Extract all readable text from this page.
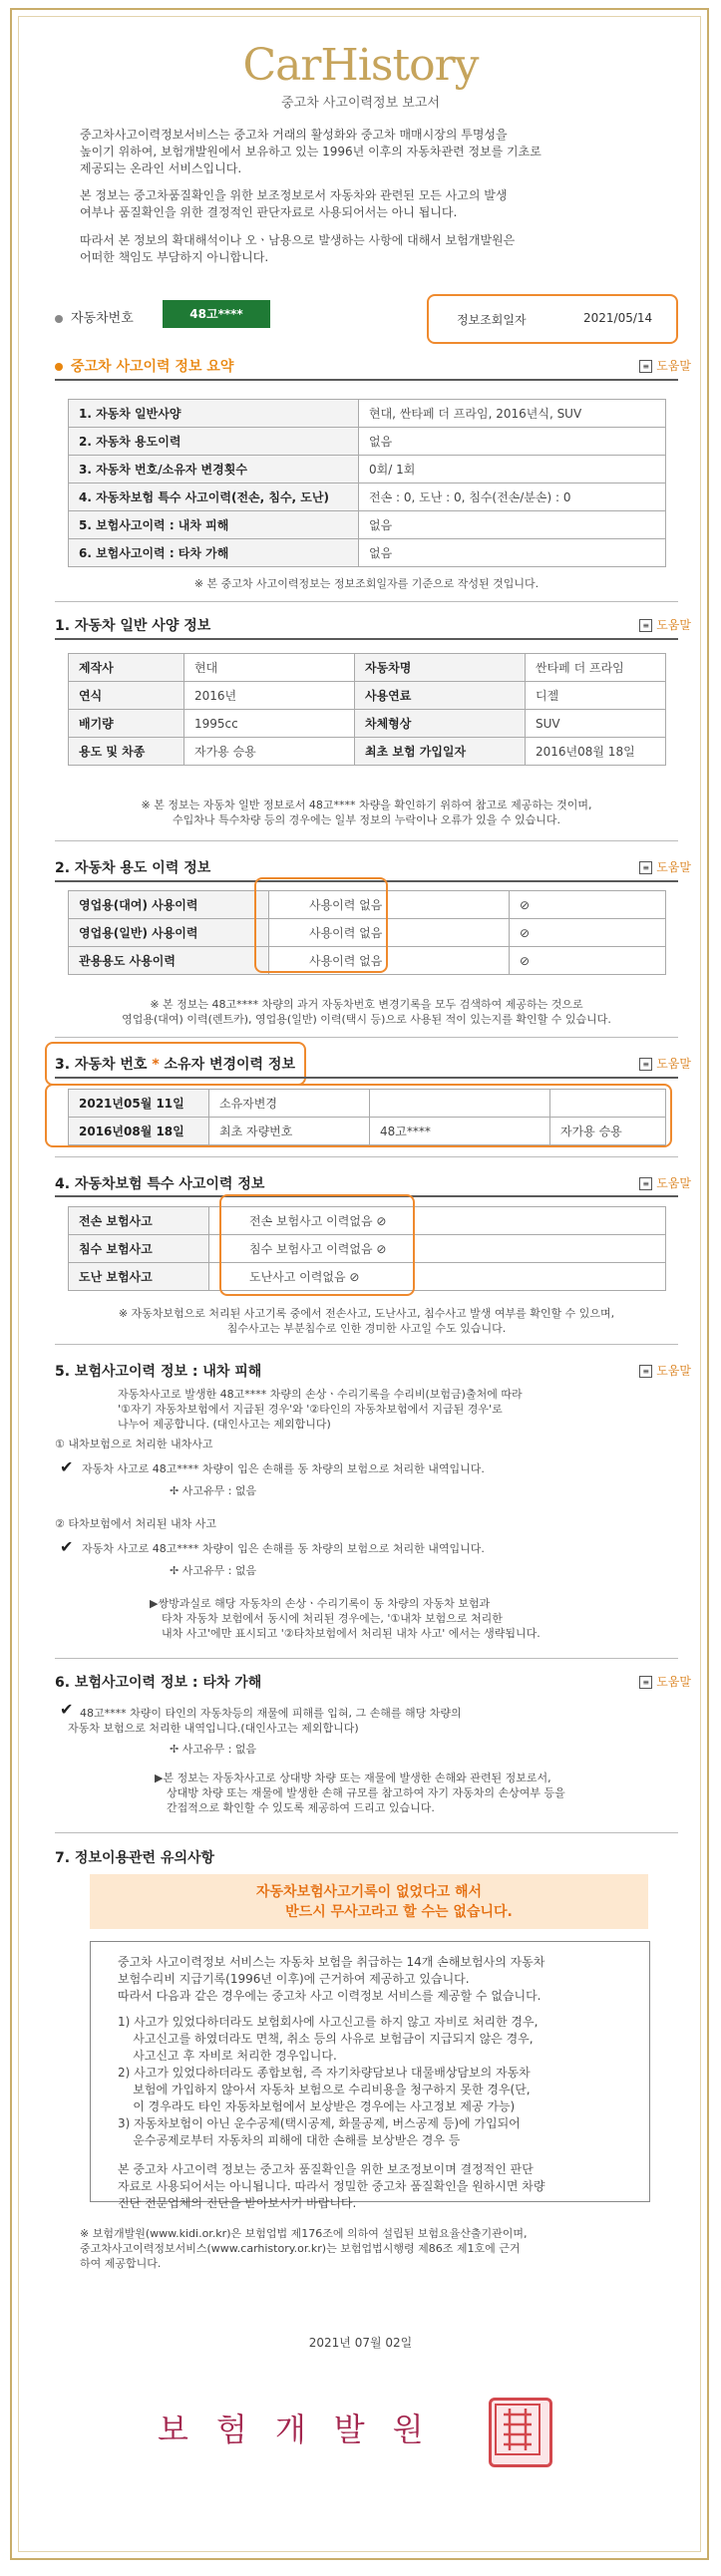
CarHistory
중고차 사고이력정보 보고서
중고차사고이력정보서비스는 중고차 거래의 활성화와 중고차 매매시장의 투명성을
높이기 위하여, 보험개발원에서 보유하고 있는 1996년 이후의 자동차관련 정보를 기초로
제공되는 온라인 서비스입니다.
본 정보는 중고차품질확인을 위한 보조정보로서 자동차와 관련된 모든 사고의 발생
여부나 품질확인을 위한 결정적인 판단자료로 사용되어서는 아니 됩니다.
따라서 본 정보의 확대해석이나 오ㆍ남용으로 발생하는 사항에 대해서 보험개발원은
어떠한 책임도 부담하지 아니합니다.
자동차번호	48고****	정보조회일자	2021/05/14
중고차 사고이력 정보 요약	≡ 도움말
1. 자동차 일반사양	현대, 싼타페 더 프라임, 2016년식, SUV
2. 자동차 용도이력	없음
3. 자동차 번호/소유자 변경횟수	0회/ 1회
4. 자동차보험 특수 사고이력(전손, 침수, 도난)	전손 : 0, 도난 : 0, 침수(전손/분손) : 0
5. 보험사고이력 : 내차 피해	없음
6. 보험사고이력 : 타차 가해	없음
※ 본 중고차 사고이력정보는 정보조회일자를 기준으로 작성된 것입니다.
1. 자동차 일반 사양 정보	≡ 도움말
제작사	현대	자동차명	싼타페 더 프라임
연식	2016년	사용연료	디젤
배기량	1995cc	차체형상	SUV
용도 및 차종	자가용 승용	최초 보험 가입일자	2016년08월 18일
※ 본 정보는 자동차 일반 정보로서 48고**** 차량을 확인하기 위하여 참고로 제공하는 것이며,
수입차나 특수차량 등의 경우에는 일부 정보의 누락이나 오류가 있을 수 있습니다.
2. 자동차 용도 이력 정보	≡ 도움말
영업용(대여) 사용이력	사용이력 없음	⊘
영업용(일반) 사용이력	사용이력 없음	⊘
관용용도 사용이력	사용이력 없음	⊘
※ 본 정보는 48고**** 차량의 과거 자동차번호 변경기록을 모두 검색하여 제공하는 것으로
영업용(대여) 이력(렌트카), 영업용(일반) 이력(택시 등)으로 사용된 적이 있는지를 확인할 수 있습니다.
3. 자동차 번호 * 소유자 변경이력 정보	≡ 도움말
2021년05월 11일	소유자변경		
2016년08월 18일	최초 자량번호	48고****	자가용 승용
4. 자동차보험 특수 사고이력 정보	≡ 도움말
전손 보험사고	전손 보험사고 이력없음 ⊘
침수 보험사고	침수 보험사고 이력없음 ⊘
도난 보험사고	도난사고 이력없음 ⊘
※ 자동차보험으로 처리된 사고기록 중에서 전손사고, 도난사고, 침수사고 발생 여부를 확인할 수 있으며,
침수사고는 부분침수로 인한 경미한 사고일 수도 있습니다.
5. 보험사고이력 정보 : 내차 피해	≡ 도움말
자동차사고로 발생한 48고**** 차량의 손상ㆍ수리기록을 수리비(보험금)출처에 따라
'①자기 자동차보험에서 지급된 경우'와 '②타인의 자동차보험에서 지급된 경우'로
나누어 제공합니다. (대인사고는 제외합니다)
① 내차보험으로 처리한 내차사고
✔ 자동차 사고로 48고**** 차량이 입은 손해를 동 차량의 보험으로 처리한 내역입니다.
✢ 사고유무 : 없음
② 타차보험에서 처리된 내차 사고
✔ 자동차 사고로 48고**** 차량이 입은 손해를 동 차량의 보험으로 처리한 내역입니다.
✢ 사고유무 : 없음
▶쌍방과실로 해당 자동차의 손상ㆍ수리기록이 동 차량의 자동차 보험과
타차 자동차 보험에서 동시에 처리된 경우에는, '①내차 보험으로 처리한
내차 사고'에만 표시되고 '②타차보험에서 처리된 내차 사고' 에서는 생략됩니다.
6. 보험사고이력 정보 : 타차 가해	≡ 도움말
✔ 48고**** 차량이 타인의 자동차등의 재물에 피해를 입혀, 그 손해를 해당 차량의
자동차 보험으로 처리한 내역입니다.(대인사고는 제외합니다)
✢ 사고유무 : 없음
▶본 정보는 자동차사고로 상대방 차량 또는 재물에 발생한 손해와 관련된 정보로서,
상대방 차량 또는 재물에 발생한 손해 규모를 참고하여 자기 자동차의 손상여부 등을
간접적으로 확인할 수 있도록 제공하여 드리고 있습니다.
7. 정보이용관련 유의사항
자동차보험사고기록이 없었다고 해서
반드시 무사고라고 할 수는 없습니다.
중고차 사고이력정보 서비스는 자동차 보험을 취급하는 14개 손해보험사의 자동차
보험수리비 지급기록(1996년 이후)에 근거하여 제공하고 있습니다.
따라서 다음과 같은 경우에는 중고차 사고 이력정보 서비스를 제공할 수 없습니다.
1) 사고가 있었다하더라도 보험회사에 사고신고를 하지 않고 자비로 처리한 경우,
사고신고를 하였더라도 면책, 취소 등의 사유로 보험금이 지급되지 않은 경우,
사고신고 후 자비로 처리한 경우입니다.
2) 사고가 있었다하더라도 종합보험, 즉 자기차량담보나 대물배상담보의 자동차
보험에 가입하지 않아서 자동차 보험으로 수리비용을 청구하지 못한 경우(단,
이 경우라도 타인 자동차보험에서 보상받은 경우에는 사고정보 제공 가능)
3) 자동차보험이 아닌 운수공제(택시공제, 화물공제, 버스공제 등)에 가입되어
운수공제로부터 자동차의 피해에 대한 손해를 보상받은 경우 등
본 중고차 사고이력 정보는 중고차 품질확인을 위한 보조정보이며 결정적인 판단
자료로 사용되어서는 아니됩니다. 따라서 정밀한 중고차 품질확인을 원하시면 차량
진단 전문업체의 진단을 받아보시기 바랍니다.
※ 보험개발원(www.kidi.or.kr)은 보험업법 제176조에 의하여 설립된 보험요율산출기관이며,
중고차사고이력정보서비스(www.carhistory.or.kr)는 보험업법시행령 제86조 제1호에 근거
하여 제공합니다.
2021년 07월 02일
보험개발원
